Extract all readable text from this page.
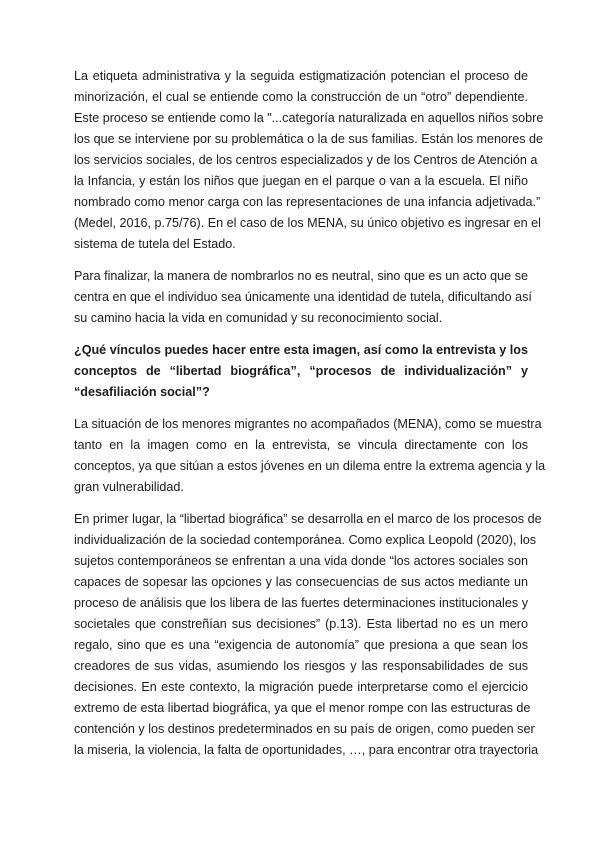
La etiqueta administrativa y la seguida estigmatización potencian el proceso de
minorización, el cual se entiende como la construcción de un “otro” dependiente.
Este proceso se entiende como la "...categoría naturalizada en aquellos niños sobre
los que se interviene por su problemática o la de sus familias. Están los menores de
los servicios sociales, de los centros especializados y de los Centros de Atención a
la Infancia, y están los niños que juegan en el parque o van a la escuela. El niño
nombrado como menor carga con las representaciones de una infancia adjetivada.”
(Medel, 2016, p.75/76). En el caso de los MENA, su único objetivo es ingresar en el
sistema de tutela del Estado.
Para finalizar, la manera de nombrarlos no es neutral, sino que es un acto que se
centra en que el individuo sea únicamente una identidad de tutela, dificultando así
su camino hacia la vida en comunidad y su reconocimiento social.
¿Qué vínculos puedes hacer entre esta imagen, así como la entrevista y los
conceptos de “libertad biográfica”, “procesos de individualización” y
“desafiliación social”?
La situación de los menores migrantes no acompañados (MENA), como se muestra
tanto en la imagen como en la entrevista, se vincula directamente con los
conceptos, ya que sitúan a estos jóvenes en un dilema entre la extrema agencia y la
gran vulnerabilidad.
En primer lugar, la “libertad biográfica” se desarrolla en el marco de los procesos de
individualización de la sociedad contemporánea. Como explica Leopold (2020), los
sujetos contemporáneos se enfrentan a una vida donde “los actores sociales son
capaces de sopesar las opciones y las consecuencias de sus actos mediante un
proceso de análisis que los libera de las fuertes determinaciones institucionales y
societales que constreñían sus decisiones” (p.13). Esta libertad no es un mero
regalo, sino que es una “exigencia de autonomía” que presiona a que sean los
creadores de sus vidas, asumiendo los riesgos y las responsabilidades de sus
decisiones. En este contexto, la migración puede interpretarse como el ejercicio
extremo de esta libertad biográfica, ya que el menor rompe con las estructuras de
contención y los destinos predeterminados en su país de origen, como pueden ser
la miseria, la violencia, la falta de oportunidades, …, para encontrar otra trayectoria
